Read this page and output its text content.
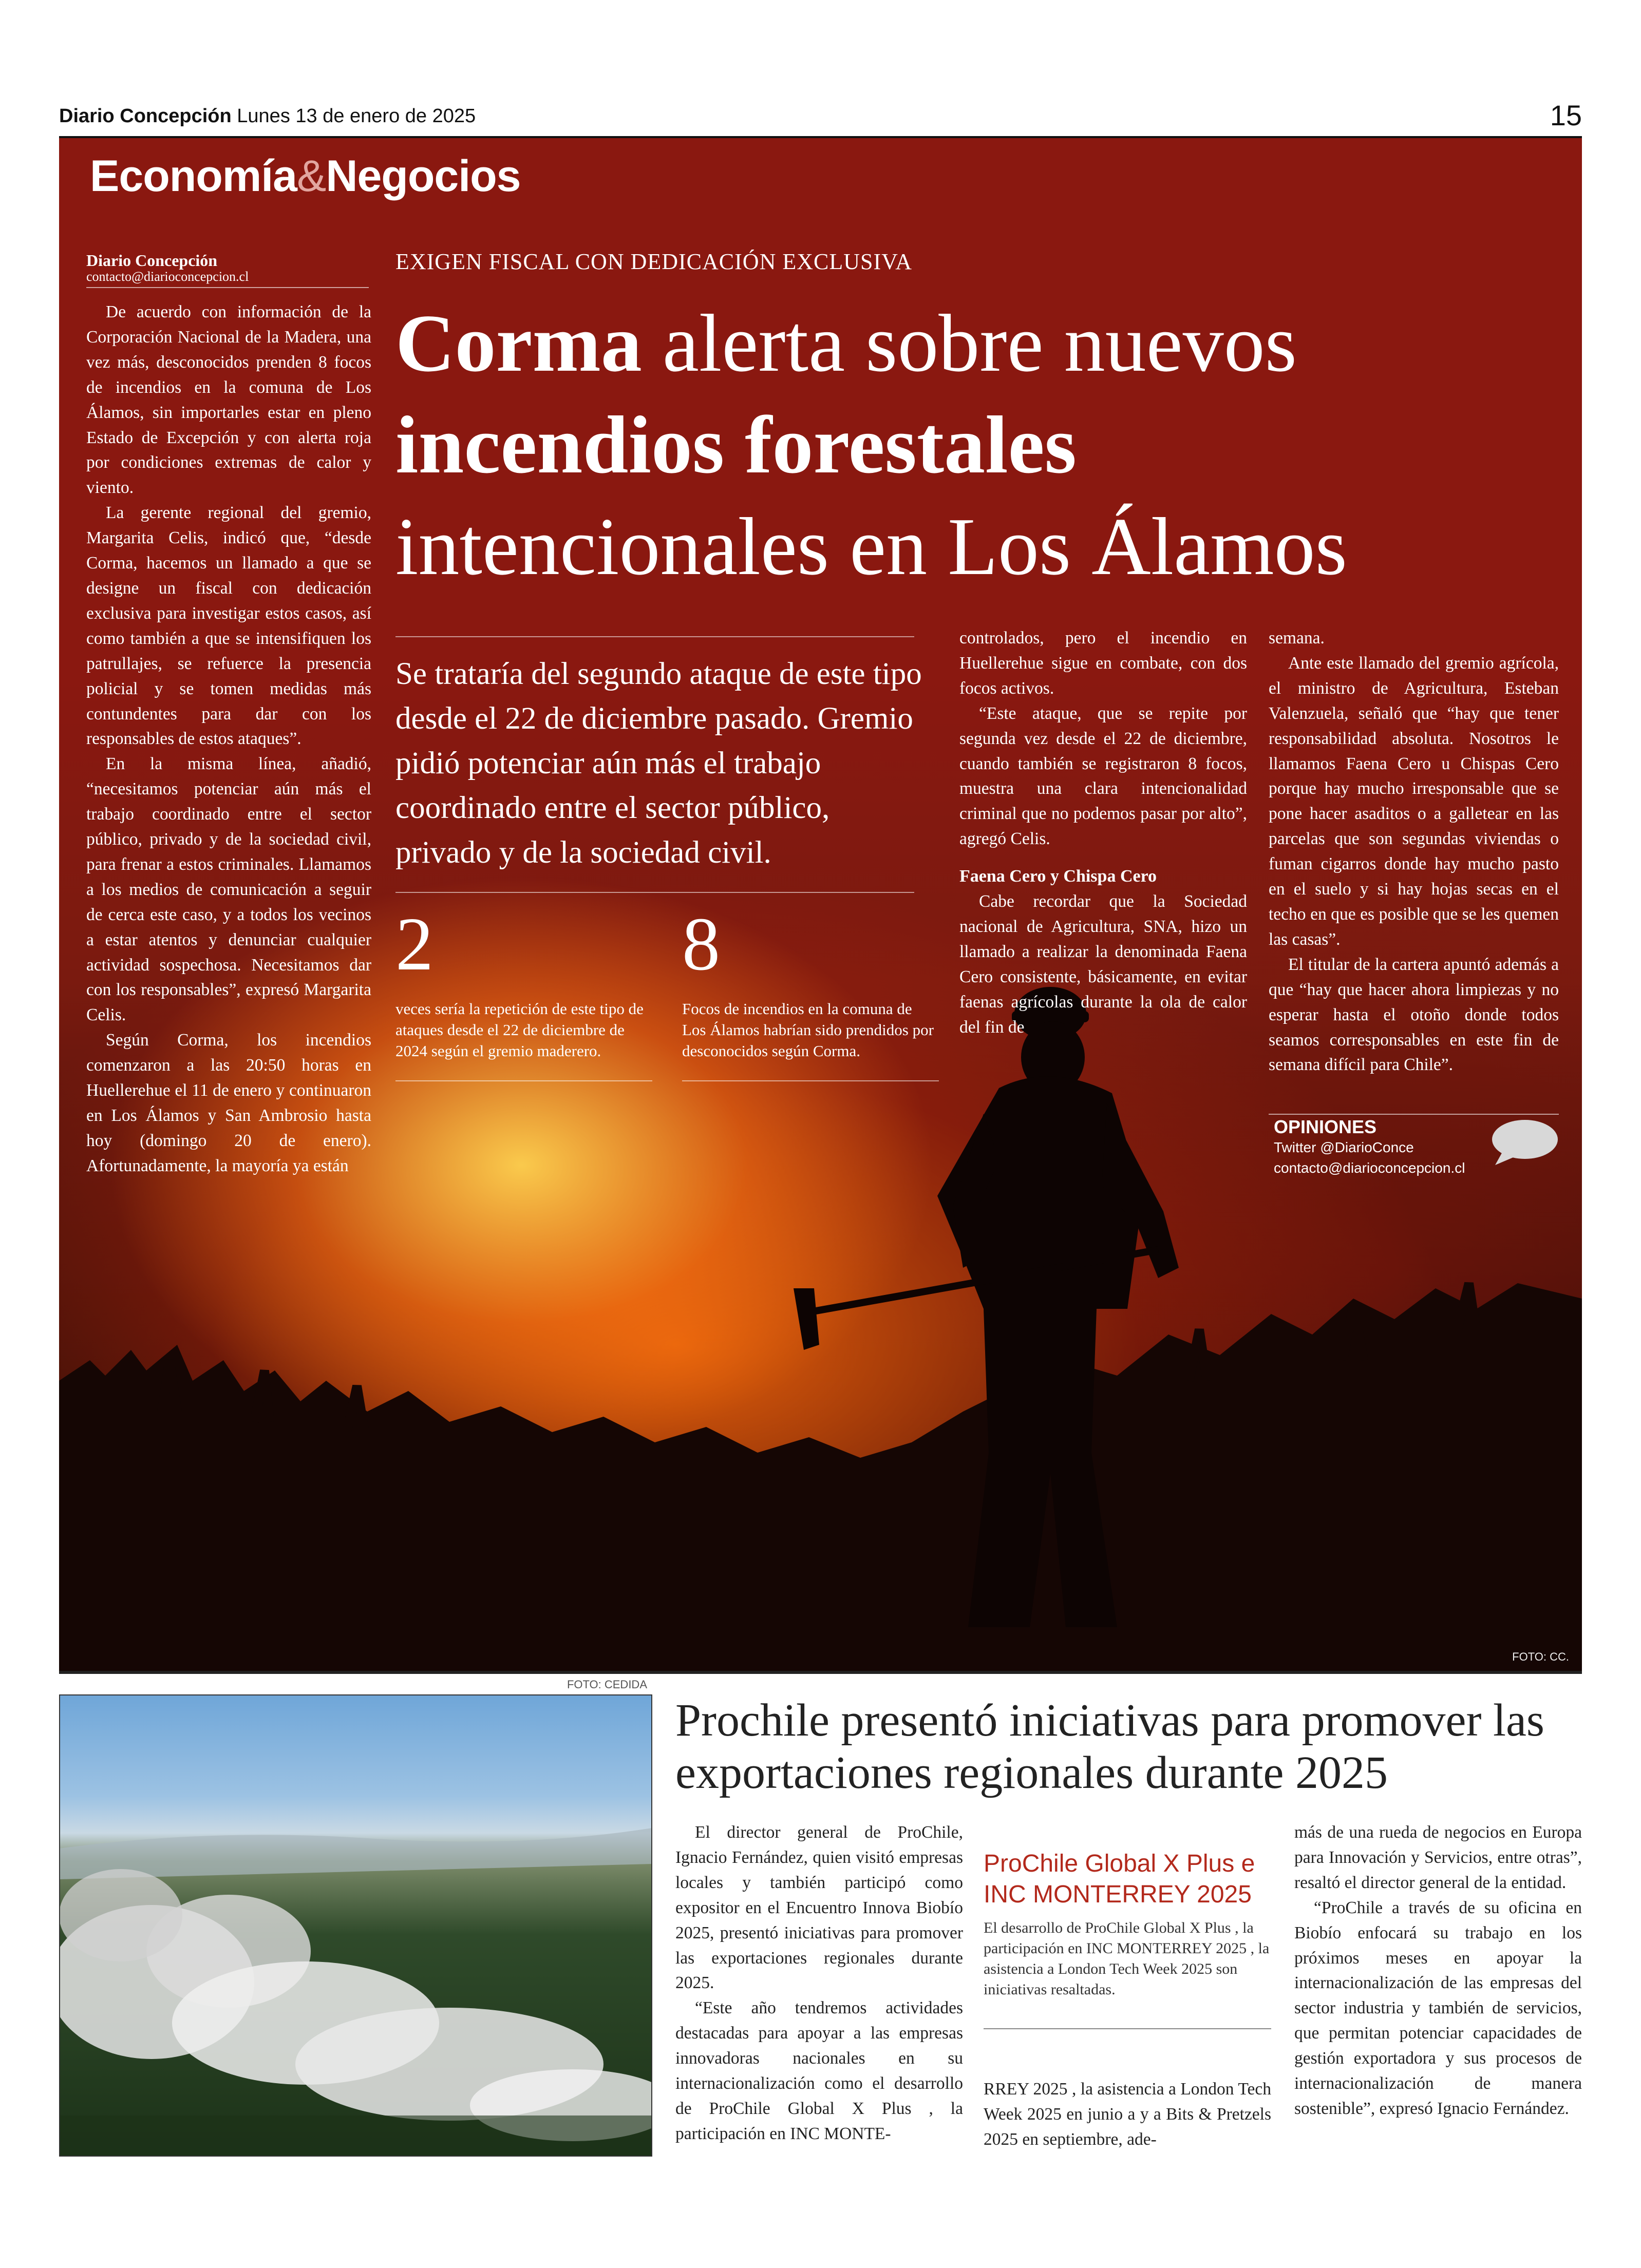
Diario Concepción Lunes 13 de enero de 2025	15
Economía&Negocios
Diario Concepción
contacto@diarioconcepcion.cl

De acuerdo con información de la Corporación Nacional de la Madera, una vez más, desconocidos prenden 8 focos de incendios en la comuna de Los Álamos, sin importarles estar en pleno Estado de Excepción y con alerta roja por condiciones extremas de calor y viento.

La gerente regional del gremio, Margarita Celis, indicó que, “desde Corma, hacemos un llamado a que se designe un fiscal con dedicación exclusiva para investigar estos casos, así como también a que se intensifiquen los patrullajes, se refuerce la presencia policial y se tomen medidas más contundentes para dar con los responsables de estos ataques”.

En la misma línea, añadió, “necesitamos potenciar aún más el trabajo coordinado entre el sector público, privado y de la sociedad civil, para frenar a estos criminales. Llamamos a los medios de comunicación a seguir de cerca este caso, y a todos los vecinos a estar atentos y denunciar cualquier actividad sospechosa. Necesitamos dar con los responsables”, expresó Margarita Celis.

Según Corma, los incendios comenzaron a las 20:50 horas en Huellerehue el 11 de enero y continuaron en Los Álamos y San Ambrosio hasta hoy (domingo 20 de enero). Afortunadamente, la mayoría ya están

EXIGEN FISCAL CON DEDICACIÓN EXCLUSIVA
Corma alerta sobre nuevos
incendios forestales
intencionales en Los Álamos
Se trataría del segundo ataque de este tipo desde el 22 de diciembre pasado. Gremio pidió potenciar aún más el trabajo coordinado entre el sector público, privado y de la sociedad civil.
2
veces sería la repetición de este tipo de ataques desde el 22 de diciembre de 2024 según el gremio maderero.
8
Focos de incendios en la comuna de Los Álamos habrían sido prendidos por desconocidos según Corma.

controlados, pero el incendio en Huellerehue sigue en combate, con dos focos activos.

“Este ataque, que se repite por segunda vez desde el 22 de diciembre, cuando también se registraron 8 focos, muestra una clara intencionalidad criminal que no podemos pasar por alto”, agregó Celis.

Faena Cero y Chispa Cero

Cabe recordar que la Sociedad nacional de Agricultura, SNA, hizo un llamado a realizar la denominada Faena Cero consistente, básicamente, en evitar faenas agrícolas durante la ola de calor del fin de

semana.

Ante este llamado del gremio agrícola, el ministro de Agricultura, Esteban Valenzuela, señaló que “hay que tener responsabilidad absoluta. Nosotros le llamamos Faena Cero u Chispas Cero porque hay mucho irresponsable que se pone hacer asaditos o a galletear en las parcelas que son segundas viviendas o fuman cigarros donde hay mucho pasto en el suelo y si hay hojas secas en el techo en que es posible que se les quemen las casas”.

El titular de la cartera apuntó además a que “hay que hacer ahora limpiezas y no esperar hasta el otoño donde todos seamos corresponsables en este fin de semana difícil para Chile”.

OPINIONES
Twitter @DiarioConce
contacto@diarioconcepcion.cl
FOTO: CC.
FOTO: CEDIDA
Prochile presentó iniciativas para promover las exportaciones regionales durante 2025

El director general de ProChile, Ignacio Fernández, quien visitó empresas locales y también participó como expositor en el Encuentro Innova Biobío 2025, presentó iniciativas para promover las exportaciones regionales durante 2025.

“Este año tendremos actividades destacadas para apoyar a las empresas innovadoras nacionales en su internacionalización como el desarrollo de ProChile Global X Plus , la participación en INC MONTE-

ProChile Global X Plus e INC MONTERREY 2025
El desarrollo de ProChile Global X Plus , la participación en INC MONTERREY 2025 , la asistencia a London Tech Week 2025 son iniciativas resaltadas.

RREY 2025 , la asistencia a London Tech Week 2025 en junio a y a Bits & Pretzels 2025 en septiembre, ade-

más de una rueda de negocios en Europa para Innovación y Servicios, entre otras”, resaltó el director general de la entidad.

“ProChile a través de su oficina en Biobío enfocará su trabajo en los próximos meses en apoyar la internacionalización de las empresas del sector industria y también de servicios, que permitan potenciar capacidades de gestión exportadora y sus procesos de internacionalización de manera sostenible”, expresó Ignacio Fernández.
